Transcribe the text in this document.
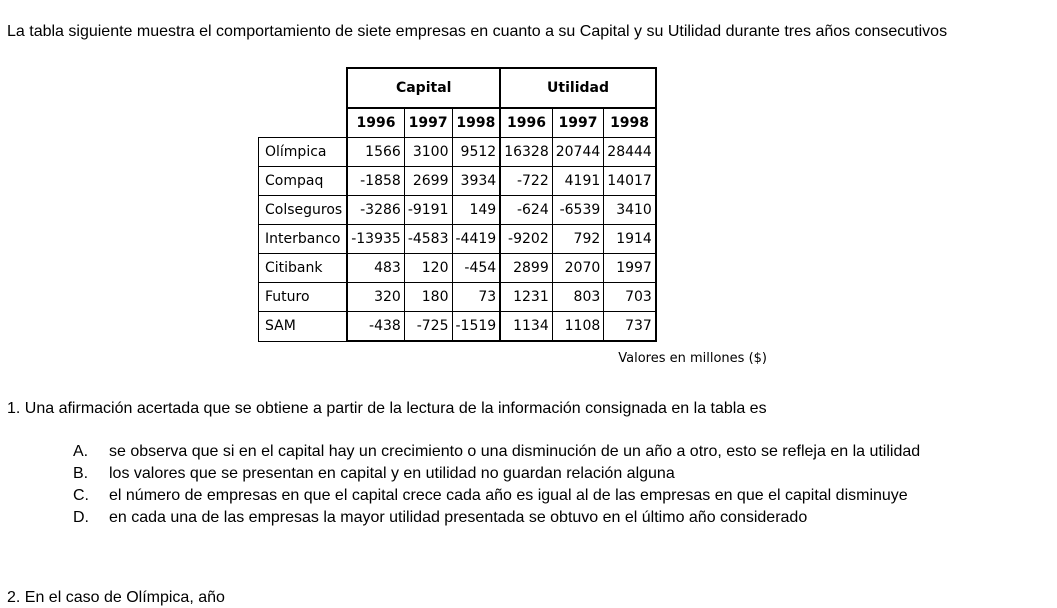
La tabla siguiente muestra el comportamiento de siete empresas en cuanto a su Capital y su Utilidad durante tres años consecutivos
	Capital			Utilidad		
	1996	1997	1998	1996	1997	1998
Olímpica	1566	3100	9512	16328	20744	28444
Compaq	-1858	2699	3934	-722	4191	14017
Colseguros	-3286	-9191	149	-624	-6539	3410
Interbanco	-13935	-4583	-4419	-9202	792	1914
Citibank	483	120	-454	2899	2070	1997
Futuro	320	180	73	1231	803	703
SAM	-438	-725	-1519	1134	1108	737
Valores en millones ($)
1. Una afirmación acertada que se obtiene a partir de la lectura de la información consignada en la tabla es
A.	se observa que si en el capital hay un crecimiento o una disminución de un año a otro, esto se refleja en la utilidad
B.	los valores que se presentan en capital y en utilidad no guardan relación alguna
C.	el número de empresas en que el capital crece cada año es igual al de las empresas en que el capital disminuye
D.	en cada una de las empresas la mayor utilidad presentada se obtuvo en el último año considerado
2. En el caso de Olímpica, año
